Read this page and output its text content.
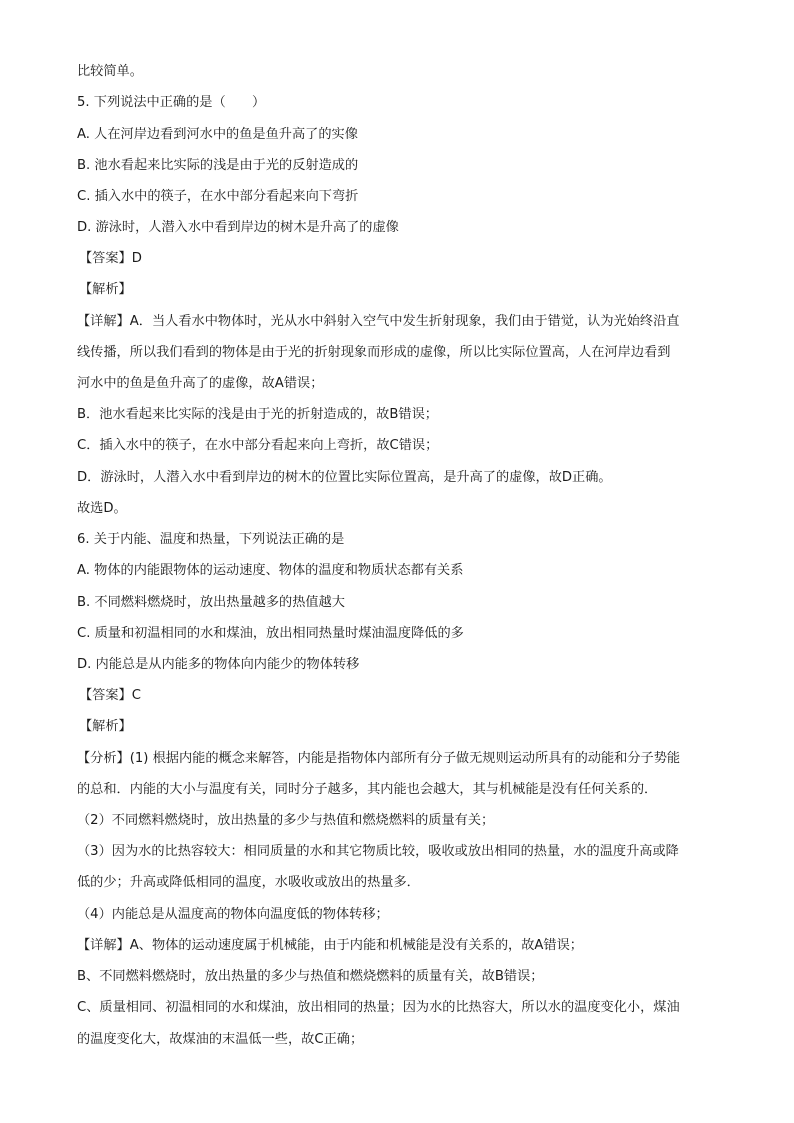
比较简单。
5. 下列说法中正确的是（　　）
A. 人在河岸边看到河水中的鱼是鱼升高了的实像
B. 池水看起来比实际的浅是由于光的反射造成的
C. 插入水中的筷子，在水中部分看起来向下弯折
D. 游泳时，人潜入水中看到岸边的树木是升高了的虚像
【答案】D
【解析】
【详解】A．当人看水中物体时，光从水中斜射入空气中发生折射现象，我们由于错觉，认为光始终沿直
线传播，所以我们看到的物体是由于光的折射现象而形成的虚像，所以比实际位置高，人在河岸边看到
河水中的鱼是鱼升高了的虚像，故A错误；
B．池水看起来比实际的浅是由于光的折射造成的，故B错误；
C．插入水中的筷子，在水中部分看起来向上弯折，故C错误；
D．游泳时，人潜入水中看到岸边的树木的位置比实际位置高，是升高了的虚像，故D正确。
故选D。
6. 关于内能、温度和热量，下列说法正确的是
A. 物体的内能跟物体的运动速度、物体的温度和物质状态都有关系
B. 不同燃料燃烧时，放出热量越多的热值越大
C. 质量和初温相同的水和煤油，放出相同热量时煤油温度降低的多
D. 内能总是从内能多的物体向内能少的物体转移
【答案】C
【解析】
【分析】(1) 根据内能的概念来解答，内能是指物体内部所有分子做无规则运动所具有的动能和分子势能
的总和．内能的大小与温度有关，同时分子越多，其内能也会越大，其与机械能是没有任何关系的．
（2）不同燃料燃烧时，放出热量的多少与热值和燃烧燃料的质量有关；
（3）因为水的比热容较大：相同质量的水和其它物质比较，吸收或放出相同的热量，水的温度升高或降
低的少；升高或降低相同的温度，水吸收或放出的热量多．
（4）内能总是从温度高的物体向温度低的物体转移；
【详解】A、物体的运动速度属于机械能，由于内能和机械能是没有关系的，故A错误；
B、不同燃料燃烧时，放出热量的多少与热值和燃烧燃料的质量有关，故B错误；
C、质量相同、初温相同的水和煤油，放出相同的热量；因为水的比热容大，所以水的温度变化小，煤油
的温度变化大，故煤油的末温低一些，故C正确；
